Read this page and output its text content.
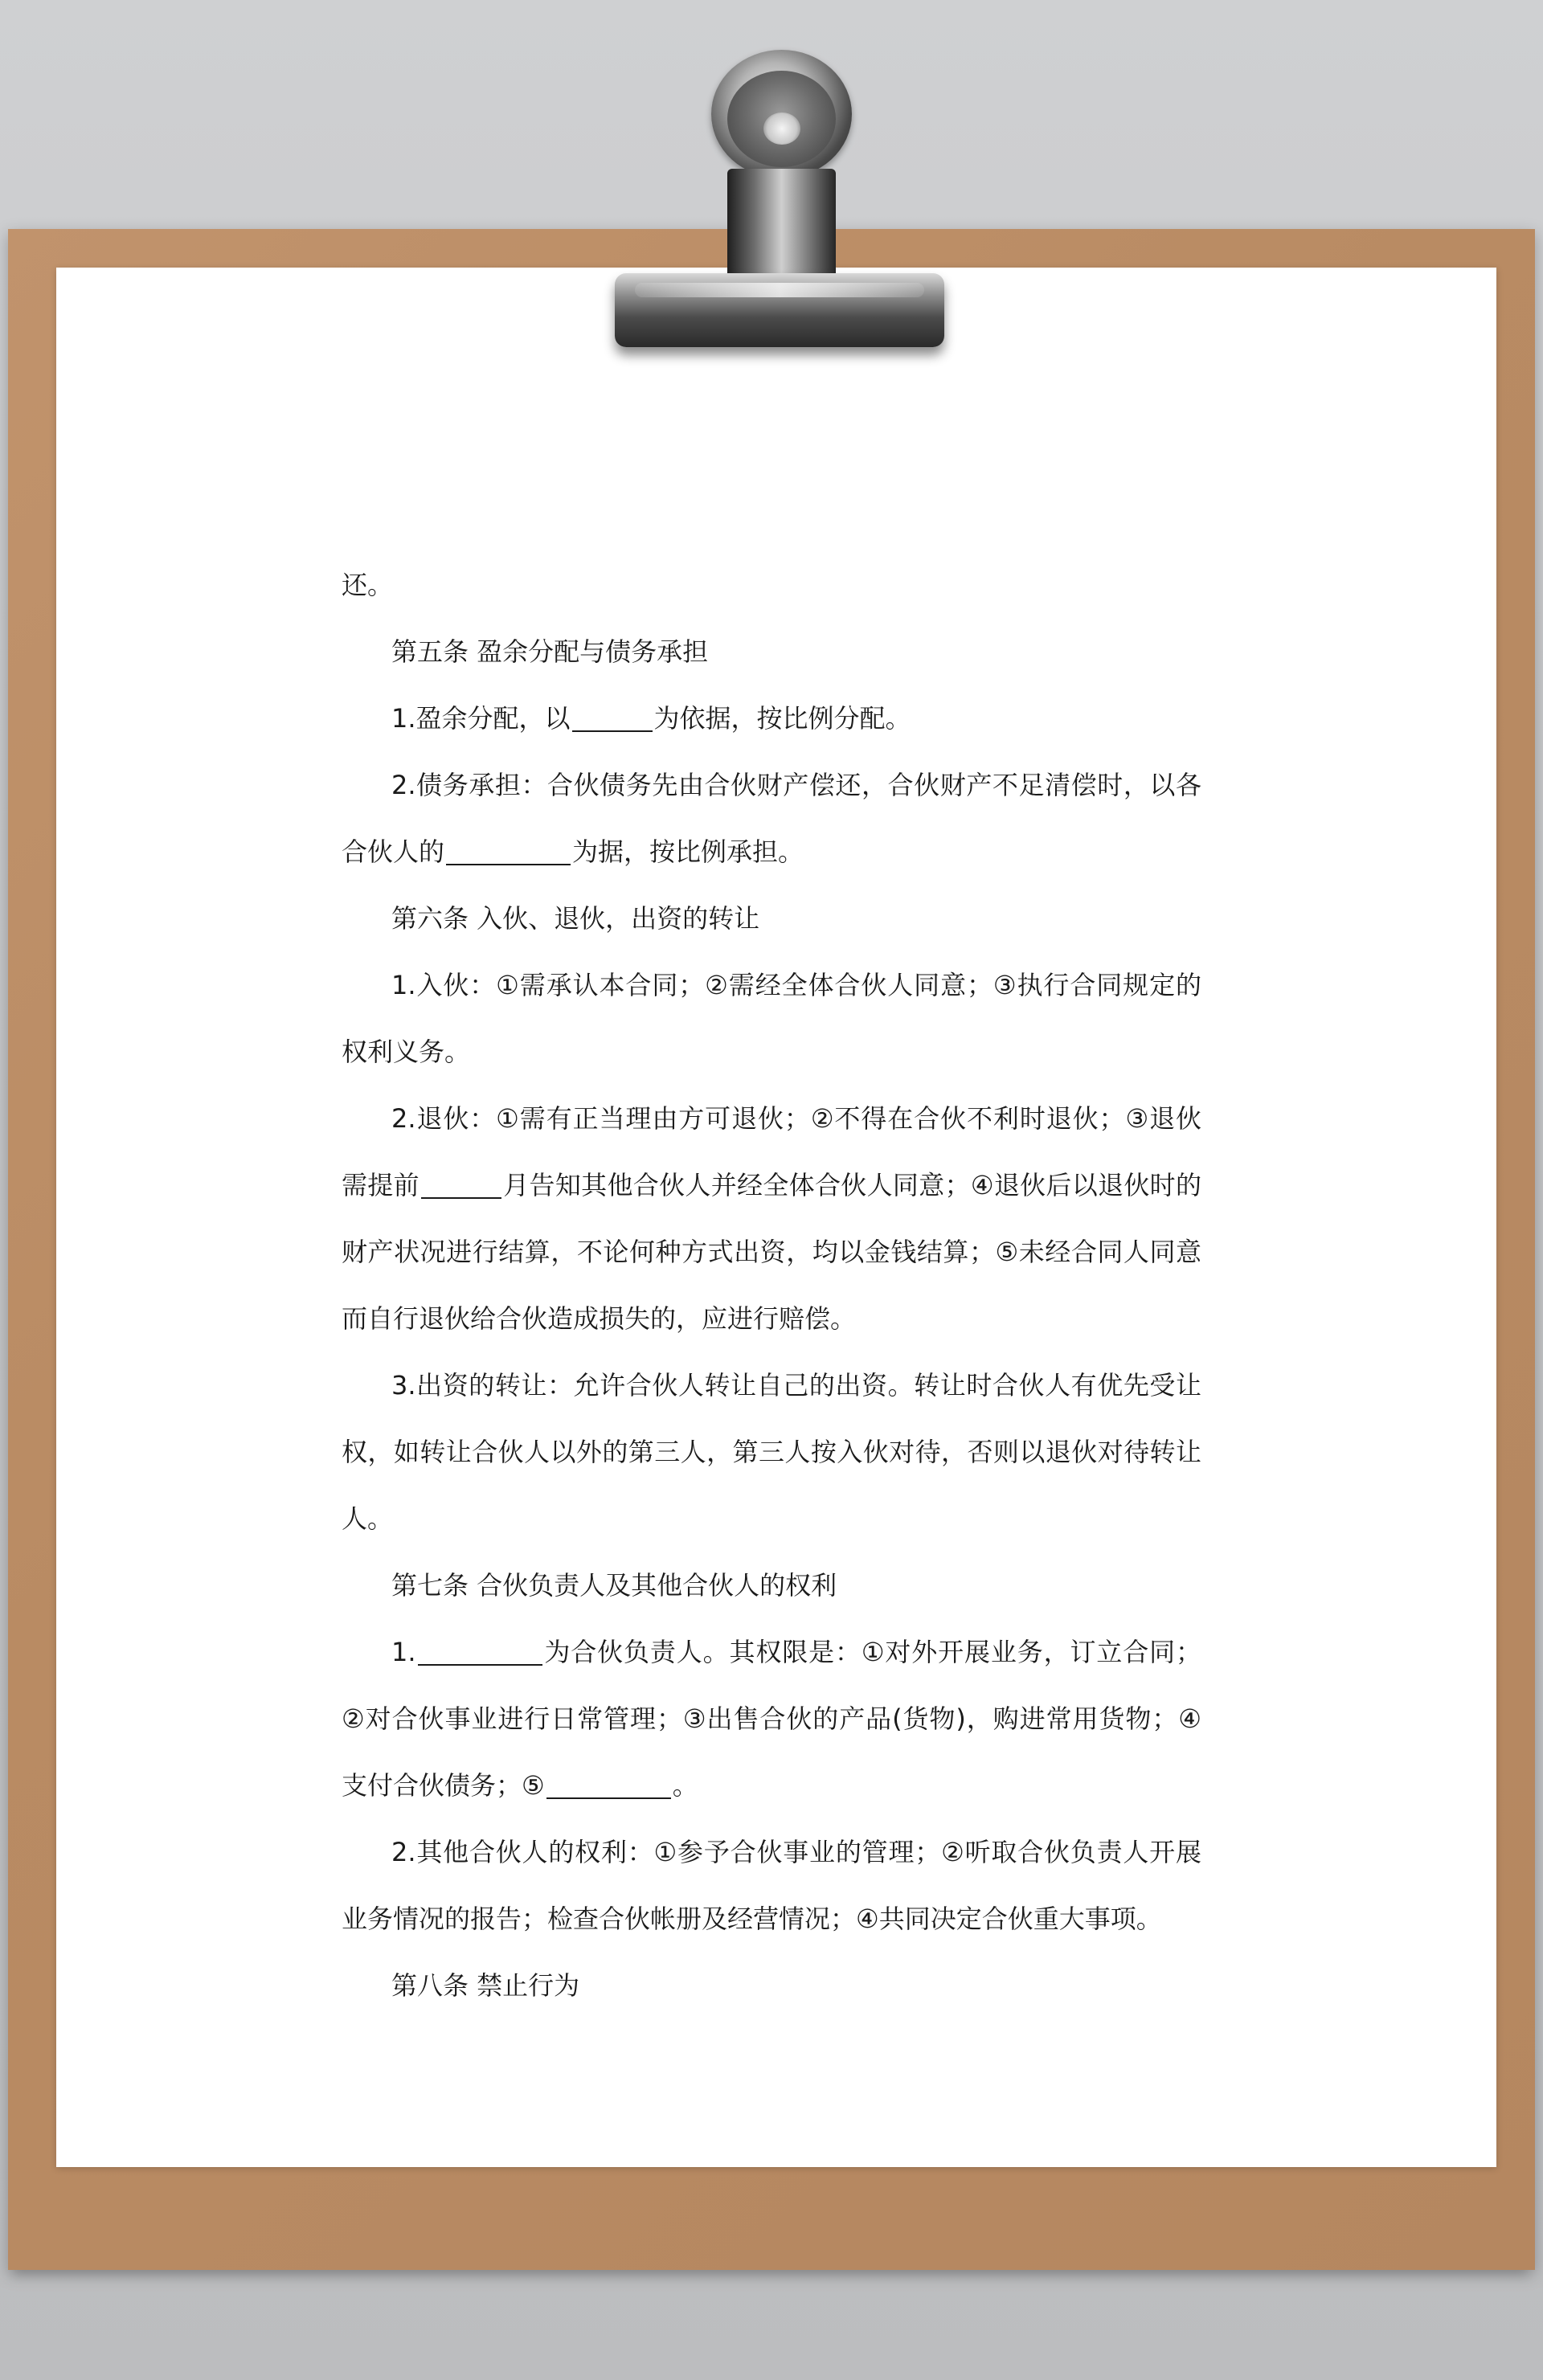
还。

第五条 盈余分配与债务承担

1.盈余分配，以	为依据，按比例分配。

2.债务承担：合伙债务先由合伙财产偿还，合伙财产不足清偿时，以各合伙人的	为据，按比例承担。

第六条 入伙、退伙，出资的转让

1.入伙：①需承认本合同；②需经全体合伙人同意；③执行合同规定的权利义务。

2.退伙：①需有正当理由方可退伙；②不得在合伙不利时退伙；③退伙需提前	月告知其他合伙人并经全体合伙人同意；④退伙后以退伙时的财产状况进行结算，不论何种方式出资，均以金钱结算；⑤未经合同人同意而自行退伙给合伙造成损失的，应进行赔偿。

3.出资的转让：允许合伙人转让自己的出资。转让时合伙人有优先受让权，如转让合伙人以外的第三人，第三人按入伙对待，否则以退伙对待转让人。

第七条 合伙负责人及其他合伙人的权利

1.	为合伙负责人。其权限是：①对外开展业务，订立合同；②对合伙事业进行日常管理；③出售合伙的产品(货物)，购进常用货物；④支付合伙债务；⑤	。

2.其他合伙人的权利：①参予合伙事业的管理；②听取合伙负责人开展业务情况的报告；检查合伙帐册及经营情况；④共同决定合伙重大事项。

第八条 禁止行为
